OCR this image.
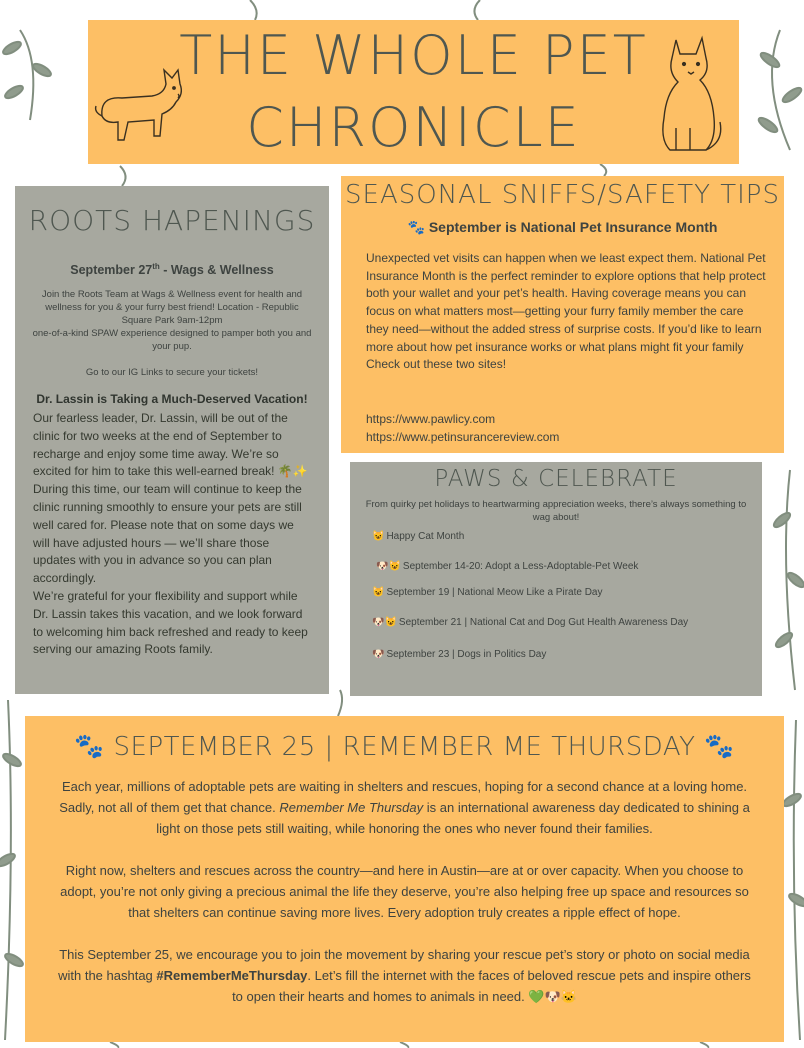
THE WHOLE PET
CHRONICLE
ROOTS HAPENINGS
September 27th - Wags & Wellness

Join the Roots Team at Wags & Wellness event for health and wellness for you & your furry best friend! Location - Republic Square Park 9am-12pm

one-of-a-kind SPAW experience designed to pamper both you and your pup.

Go to our IG Links to secure your tickets!
Dr. Lassin is Taking a Much-Deserved Vacation!

Our fearless leader, Dr. Lassin, will be out of the clinic for two weeks at the end of September to recharge and enjoy some time away. We’re so excited for him to take this well-earned break! 🌴✨

During this time, our team will continue to keep the clinic running smoothly to ensure your pets are still well cared for. Please note that on some days we will have adjusted hours — we’ll share those updates with you in advance so you can plan accordingly.

We’re grateful for your flexibility and support while Dr. Lassin takes this vacation, and we look forward to welcoming him back refreshed and ready to keep serving our amazing Roots family.

SEASONAL SNIFFS/SAFETY TIPS
🐾 September is National Pet Insurance Month

Unexpected vet visits can happen when we least expect them. National Pet Insurance Month is the perfect reminder to explore options that help protect both your wallet and your pet’s health. Having coverage means you can focus on what matters most—getting your furry family member the care they need—without the added stress of surprise costs. If you’d like to learn more about how pet insurance works or what plans might fit your family Check out these two sites!

https://www.pawlicy.com
https://www.petinsurancereview.com
PAWS & CELEBRATE
From quirky pet holidays to heartwarming appreciation weeks, there’s always something to wag about!
😺 Happy Cat Month
🐶😺 September 14-20: Adopt a Less-Adoptable-Pet Week
😺 September 19 | National Meow Like a Pirate Day
🐶😺 September 21 | National Cat and Dog Gut Health Awareness Day
🐶 September 23 | Dogs in Politics Day
🐾 SEPTEMBER 25 | REMEMBER ME THURSDAY 🐾

Each year, millions of adoptable pets are waiting in shelters and rescues, hoping for a second chance at a loving home. Sadly, not all of them get that chance. Remember Me Thursday is an international awareness day dedicated to shining a light on those pets still waiting, while honoring the ones who never found their families.

Right now, shelters and rescues across the country—and here in Austin—are at or over capacity. When you choose to adopt, you’re not only giving a precious animal the life they deserve, you’re also helping free up space and resources so that shelters can continue saving more lives. Every adoption truly creates a ripple effect of hope.

This September 25, we encourage you to join the movement by sharing your rescue pet’s story or photo on social media with the hashtag #RememberMeThursday. Let’s fill the internet with the faces of beloved rescue pets and inspire others to open their hearts and homes to animals in need. 💚🐶🐱
